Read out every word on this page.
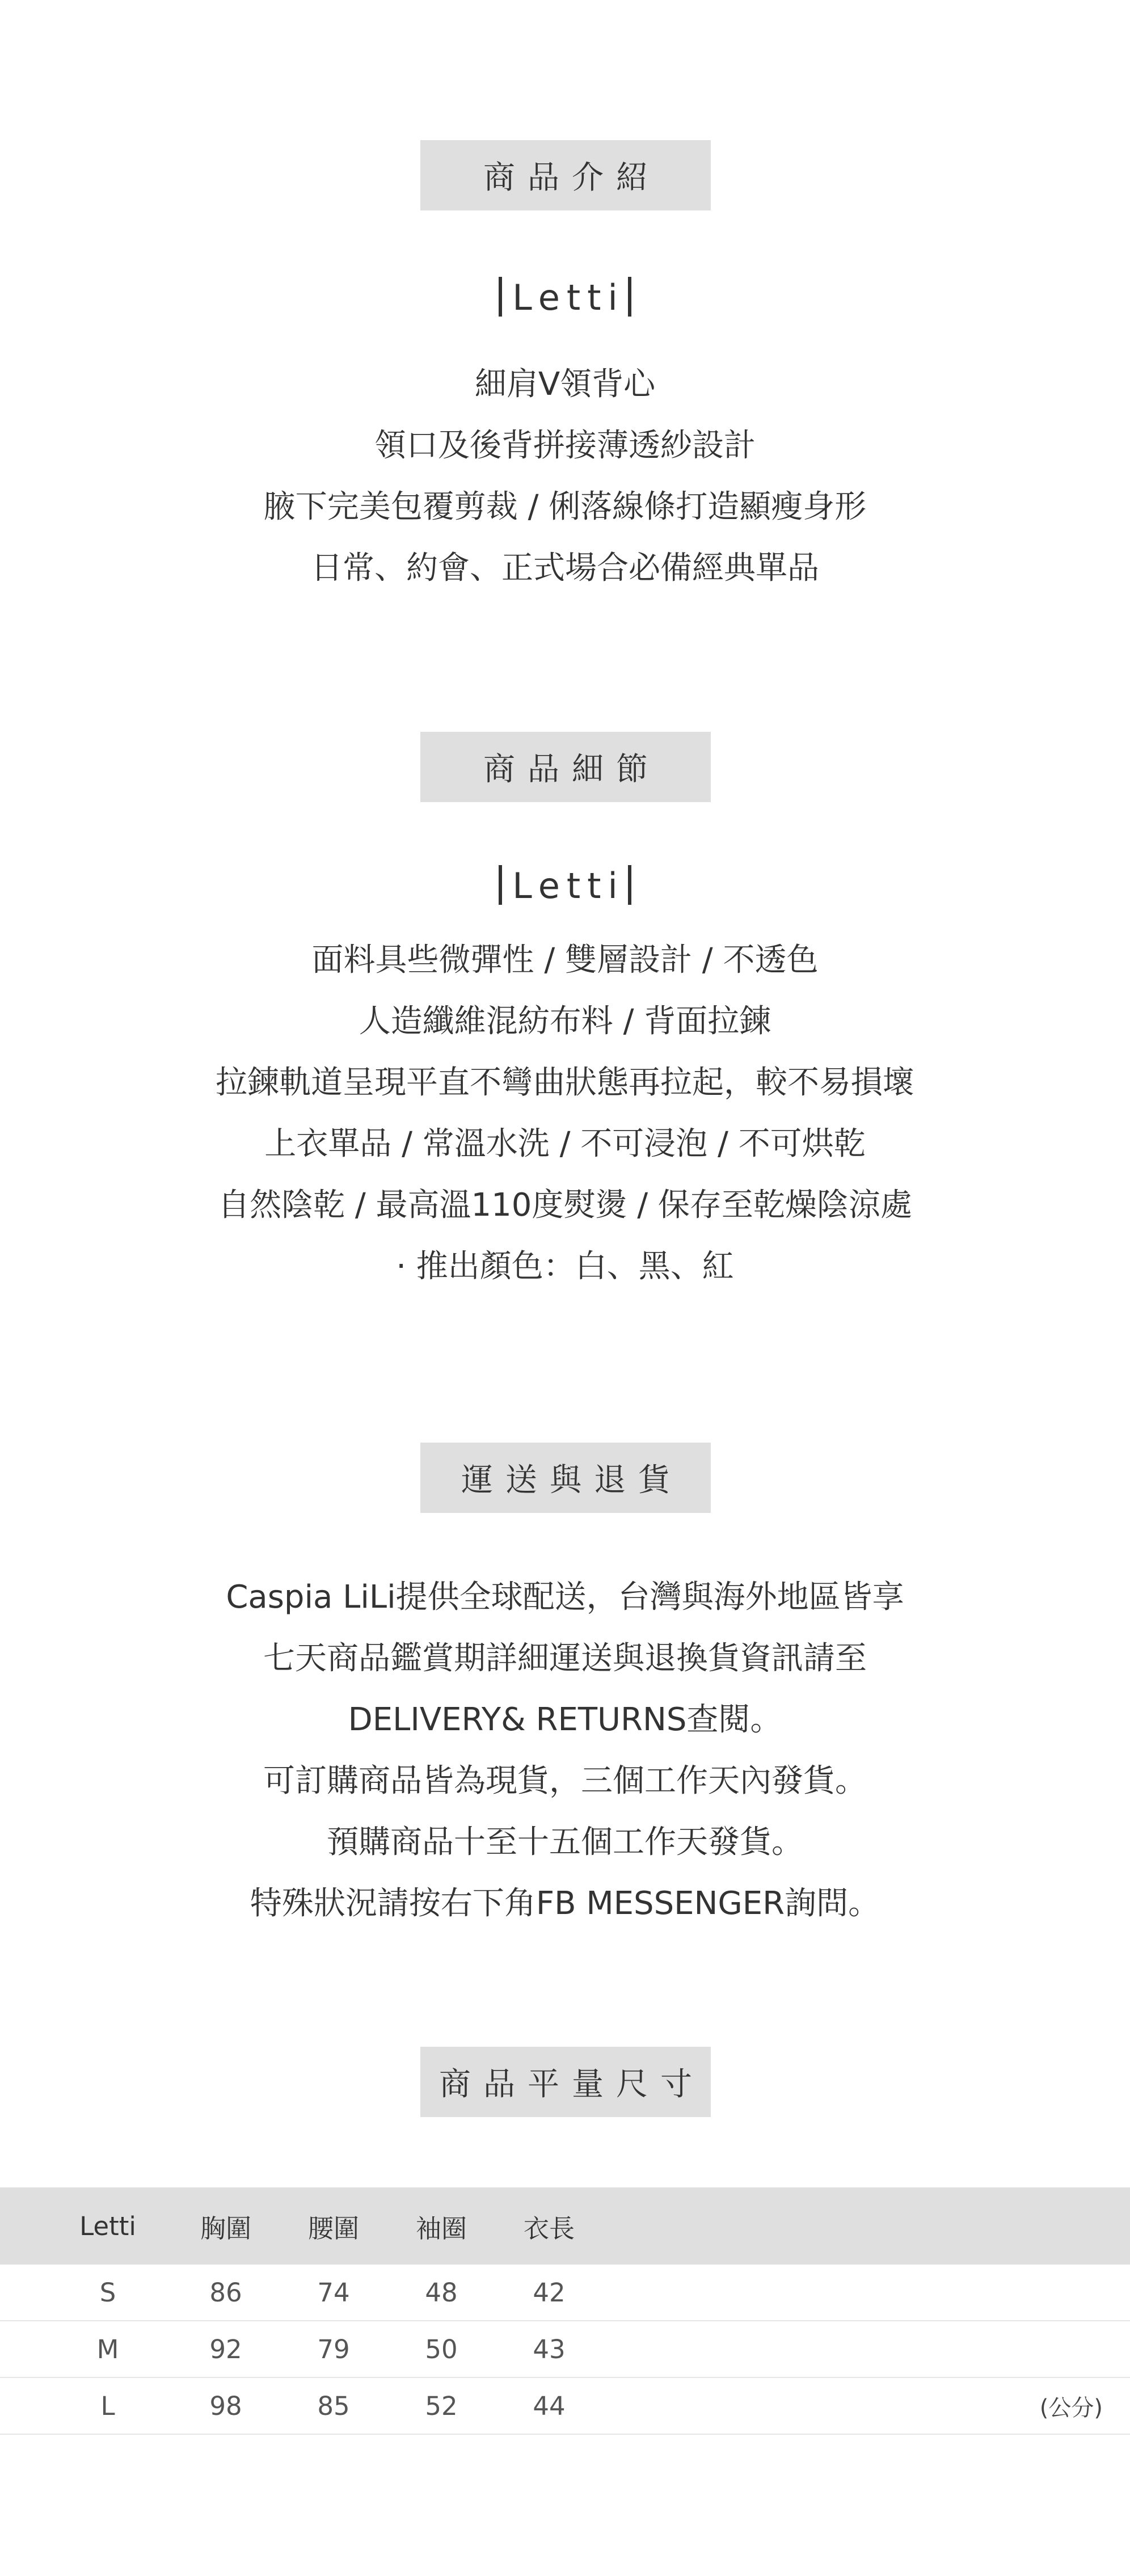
商品介紹
Letti
細肩V領背心
領口及後背拼接薄透紗設計
腋下完美包覆剪裁 / 俐落線條打造顯瘦身形
日常、約會、正式場合必備經典單品
商品細節
Letti
面料具些微彈性 / 雙層設計 / 不透色
人造纖維混紡布料 / 背面拉鍊
拉鍊軌道呈現平直不彎曲狀態再拉起，較不易損壞
上衣單品 / 常溫水洗 / 不可浸泡 / 不可烘乾
自然陰乾 / 最高溫110度熨燙 / 保存至乾燥陰涼處
· 推出顏色：白、黑、紅
運送與退貨
Caspia LiLi提供全球配送，台灣與海外地區皆享
七天商品鑑賞期詳細運送與退換貨資訊請至
DELIVERY& RETURNS查閱。
可訂購商品皆為現貨，三個工作天內發貨。
預購商品十至十五個工作天發貨。
特殊狀況請按右下角FB MESSENGER詢問。
商品平量尺寸
Letti	胸圍	腰圍	袖圈	衣長
S	86	74	48	42
M	92	79	50	43
L	98	85	52	44	(公分)
